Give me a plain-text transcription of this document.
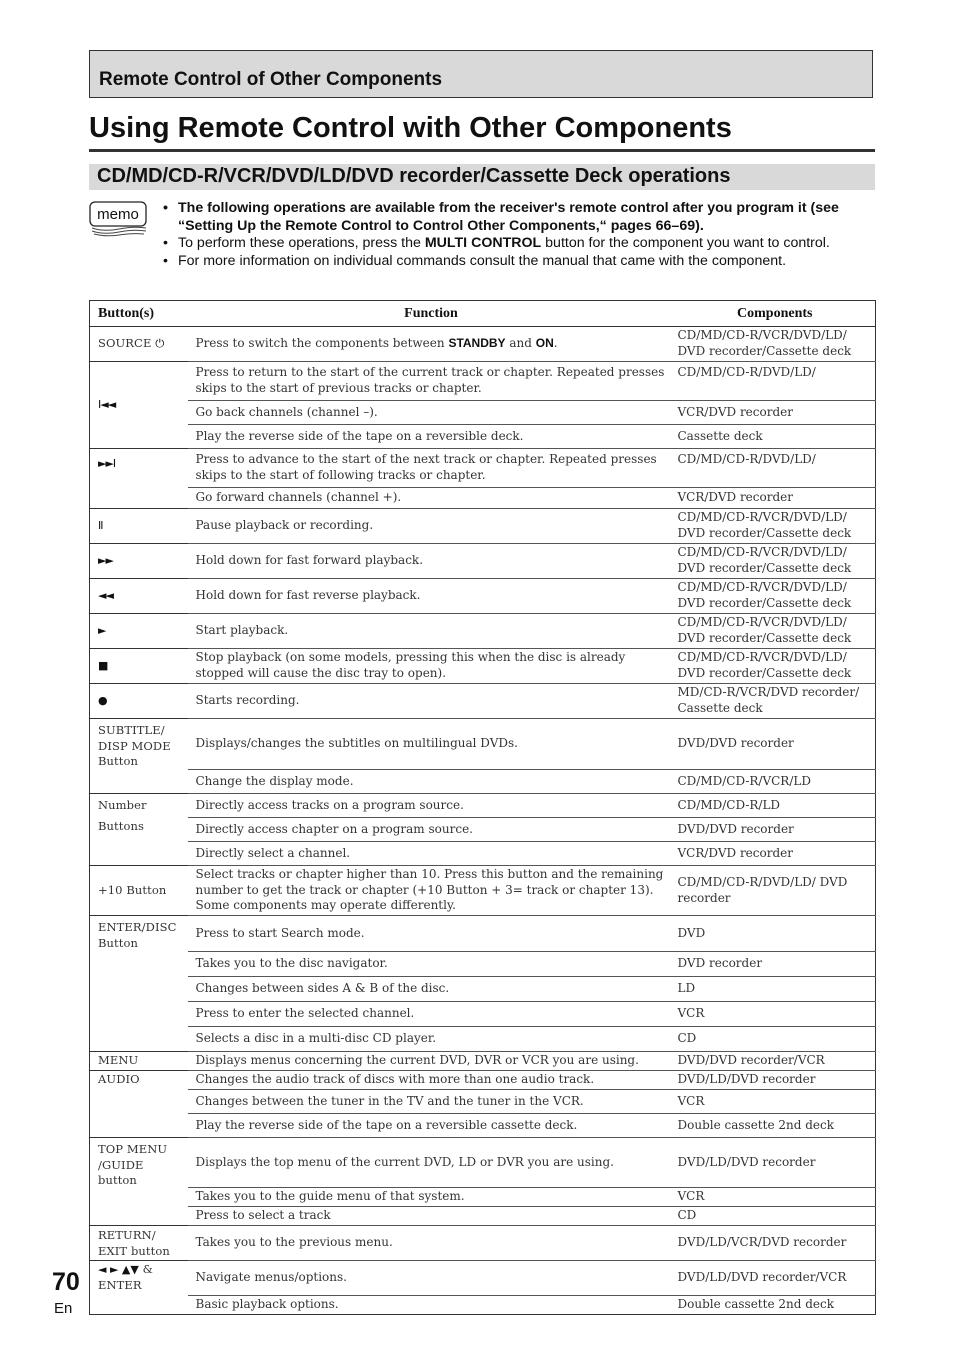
Remote Control of Other Components
Using Remote Control with Other Components
CD/MD/CD-R/VCR/DVD/LD/DVD recorder/Cassette Deck operations
memo • The following operations are available from the receiver's remote control after you program it (see “Setting Up the Remote Control to Control Other Components,“ pages 66–69).
• To perform these operations, press the MULTI CONTROL button for the component you want to control.
• For more information on individual commands consult the manual that came with the component.
Button(s)	Function	Components
SOURCE ⏻	Press to switch the components between STANDBY and ON.	CD/MD/CD-R/VCR/DVD/LD/ DVD recorder/Cassette deck
I◄◄	Press to return to the start of the current track or chapter. Repeated presses skips to the start of previous tracks or chapter.	CD/MD/CD-R/DVD/LD/
	Go back channels (channel –).	VCR/DVD recorder
	Play the reverse side of the tape on a reversible deck.	Cassette deck
►►I	Press to advance to the start of the next track or chapter. Repeated presses skips to the start of following tracks or chapter.	CD/MD/CD-R/DVD/LD/
	Go forward channels (channel +).	VCR/DVD recorder
II	Pause playback or recording.	CD/MD/CD-R/VCR/DVD/LD/ DVD recorder/Cassette deck
►►	Hold down for fast forward playback.	CD/MD/CD-R/VCR/DVD/LD/ DVD recorder/Cassette deck
◄◄	Hold down for fast reverse playback.	CD/MD/CD-R/VCR/DVD/LD/ DVD recorder/Cassette deck
►	Start playback.	CD/MD/CD-R/VCR/DVD/LD/ DVD recorder/Cassette deck
■	Stop playback (on some models, pressing this when the disc is already stopped will cause the disc tray to open).	CD/MD/CD-R/VCR/DVD/LD/ DVD recorder/Cassette deck
●	Starts recording.	MD/CD-R/VCR/DVD recorder/ Cassette deck
SUBTITLE/ DISP MODE Button	Displays/changes the subtitles on multilingual DVDs.	DVD/DVD recorder
	Change the display mode.	CD/MD/CD-R/VCR/LD

Number
Buttons	Directly access tracks on a program source.	CD/MD/CD-R/LD
	Directly access chapter on a program source.	DVD/DVD recorder
	Directly select a channel.	VCR/DVD recorder
+10 Button	Select tracks or chapter higher than 10. Press this button and the remaining number to get the track or chapter (+10 Button + 3= track or chapter 13). Some components may operate differently.	CD/MD/CD-R/DVD/LD/ DVD recorder
ENTER/DISC Button	Press to start Search mode.	DVD
	Takes you to the disc navigator.	DVD recorder
	Changes between sides A & B of the disc.	LD
	Press to enter the selected channel.	VCR
	Selects a disc in a multi-disc CD player.	CD
MENU	Displays menus concerning the current DVD, DVR or VCR you are using.	DVD/DVD recorder/VCR
AUDIO	Changes the audio track of discs with more than one audio track.	DVD/LD/DVD recorder
	Changes between the tuner in the TV and the tuner in the VCR.	VCR
	Play the reverse side of the tape on a reversible cassette deck.	Double cassette 2nd deck
TOP MENU /GUIDE button	Displays the top menu of the current DVD, LD or DVR you are using.	DVD/LD/DVD recorder
	Takes you to the guide menu of that system.	VCR
	Press to select a track	CD
RETURN/ EXIT button	Takes you to the previous menu.	DVD/LD/VCR/DVD recorder
◄ ► ▲▼ &
ENTER	Navigate menus/options.	DVD/LD/DVD recorder/VCR
	Basic playback options.	Double cassette 2nd deck
70
En
